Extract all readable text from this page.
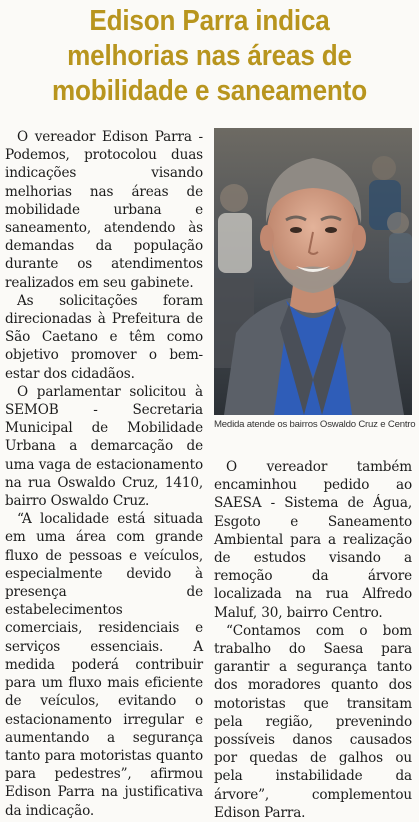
Edison Parra indica melhorias nas áreas de mobilidade e saneamento

O vereador Edison Parra - Podemos, protocolou duas indicações visando melhorias nas áreas de mobilidade urbana e saneamento, atendendo às demandas da população durante os atendimentos realizados em seu gabinete.

As solicitações foram direcionadas à Prefeitura de São Caetano e têm como objetivo promover o bem-estar dos cidadãos.

O parlamentar solicitou à SEMOB - Secretaria Municipal de Mobilidade Urbana a demarcação de uma vaga de estacionamento na rua Oswaldo Cruz, 1410, bairro Oswaldo Cruz.

“A localidade está situada em uma área com grande fluxo de pessoas e veículos, especialmente devido à presença de estabelecimentos comerciais, residenciais e serviços essenciais. A medida poderá contribuir para um fluxo mais eficiente de veículos, evitando o estacionamento irregular e aumentando a segurança tanto para motoristas quanto para pedestres”, afirmou Edison Parra na justificativa da indicação.

Medida atende os bairros Oswaldo Cruz e Centro

O vereador também encaminhou pedido ao SAESA - Sistema de Água, Esgoto e Saneamento Ambiental para a realização de estudos visando a remoção da árvore localizada na rua Alfredo Maluf, 30, bairro Centro.

“Contamos com o bom trabalho do Saesa para garantir a segurança tanto dos moradores quanto dos motoristas que transitam pela região, prevenindo possíveis danos causados por quedas de galhos ou pela instabilidade da árvore”, complementou Edison Parra.
